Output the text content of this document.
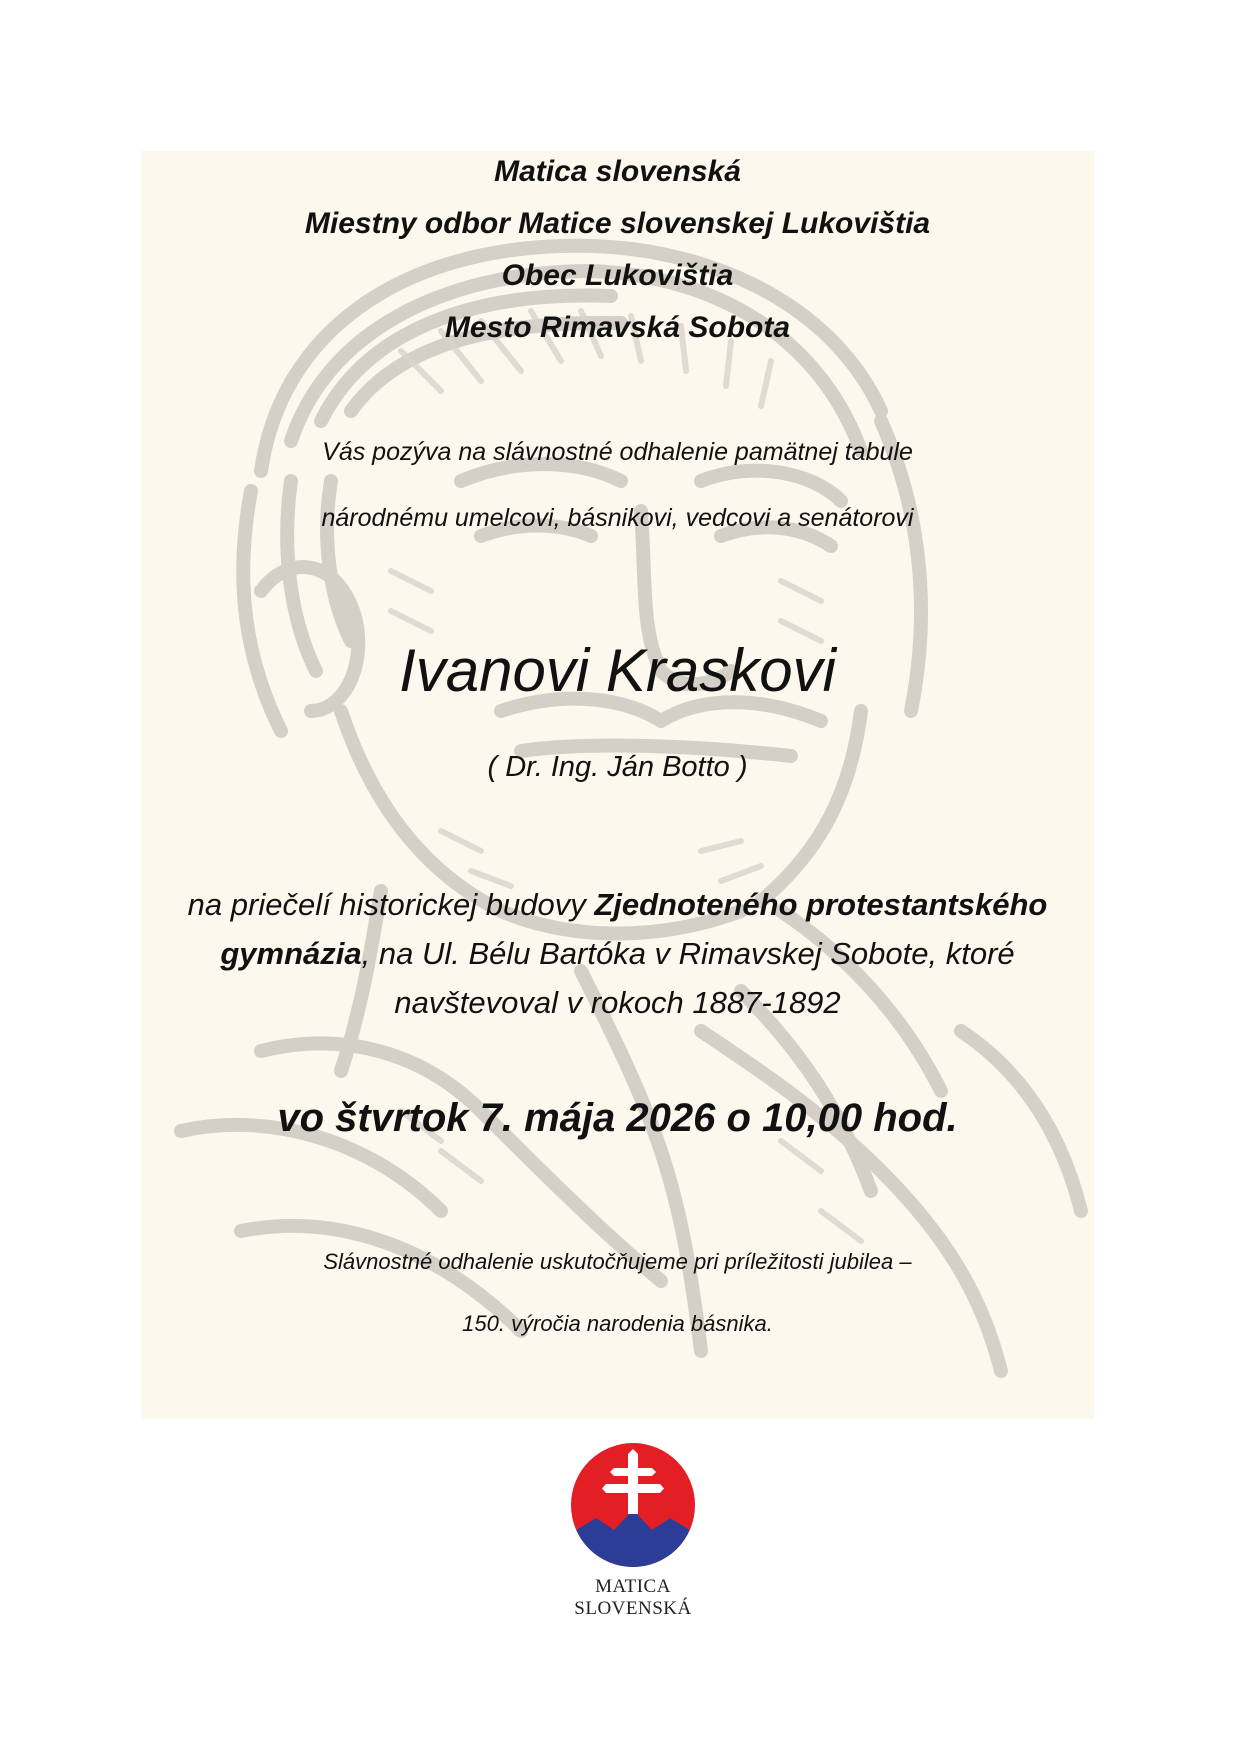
Matica slovenská
Miestny odbor Matice slovenskej Lukovištia
Obec Lukovištia
Mesto Rimavská Sobota
Vás pozýva na slávnostné odhalenie pamätnej tabule
národnému umelcovi, básnikovi, vedcovi a senátorovi
Ivanovi Kraskovi
( Dr. Ing. Ján Botto )
na priečelí historickej budovy Zjednoteného protestantského
gymnázia, na Ul. Bélu Bartóka v Rimavskej Sobote, ktoré
navštevoval v rokoch 1887-1892
vo štvrtok 7. mája 2026 o 10,00 hod.
Slávnostné odhalenie uskutočňujeme pri príležitosti jubilea –
150. výročia narodenia básnika.
MATICA
SLOVENSKÁ
